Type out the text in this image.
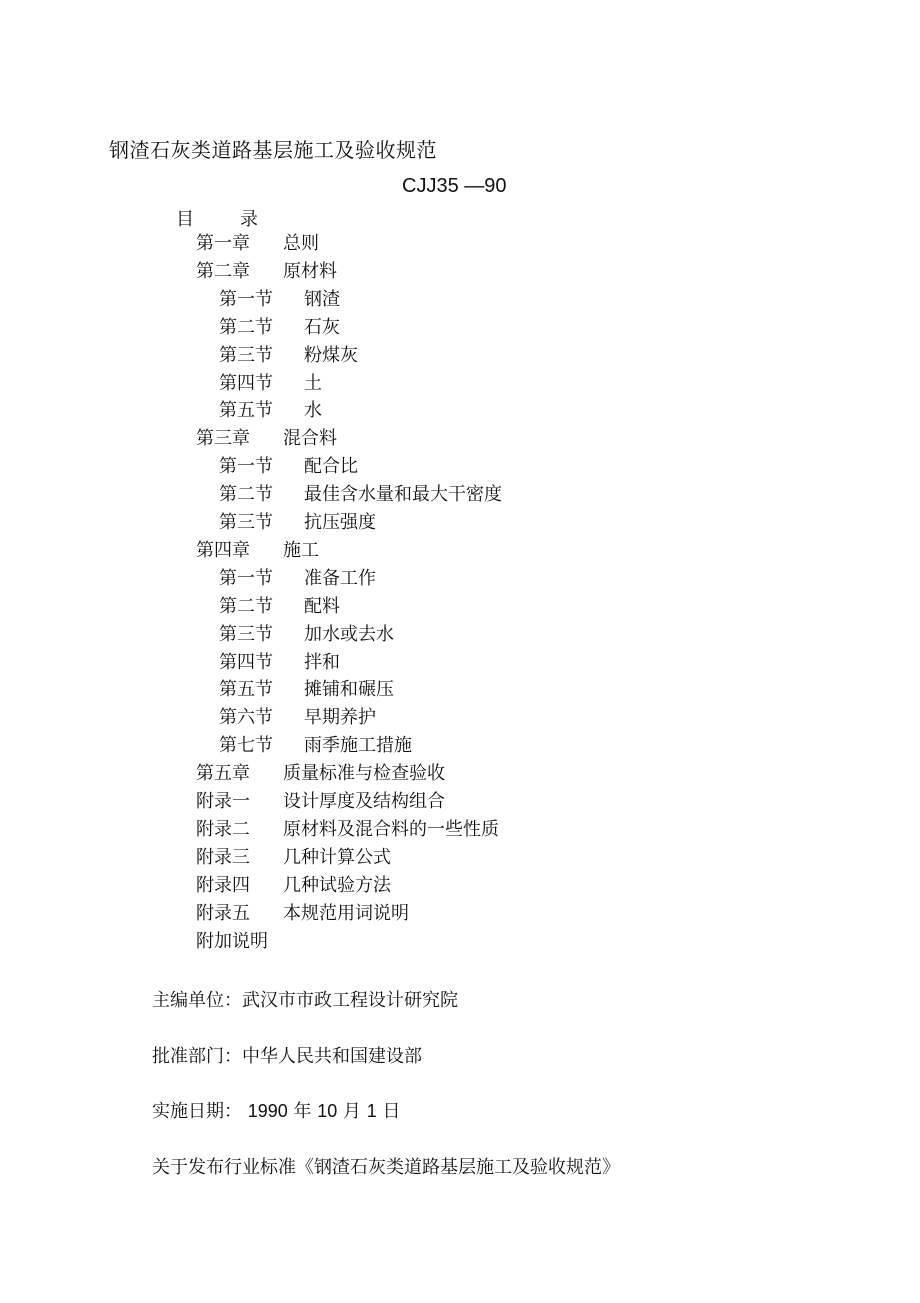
钢渣石灰类道路基层施工及验收规范
CJJ35 —90
目	录
第一章 总则
第二章 原材料
第一节 钢渣
第二节 石灰
第三节 粉煤灰
第四节 土
第五节 水
第三章 混合料
第一节 配合比
第二节 最佳含水量和最大干密度
第三节 抗压强度
第四章 施工
第一节 准备工作
第二节 配料
第三节 加水或去水
第四节 拌和
第五节 摊铺和碾压
第六节 早期养护
第七节 雨季施工措施
第五章 质量标准与检查验收
附录一 设计厚度及结构组合
附录二 原材料及混合料的一些性质
附录三 几种计算公式
附录四 几种试验方法
附录五 本规范用词说明
附加说明
主编单位：武汉市市政工程设计研究院
批准部门：中华人民共和国建设部
实施日期： 1990 年 10 月 1 日
关于发布行业标准《钢渣石灰类道路基层施工及验收规范》
